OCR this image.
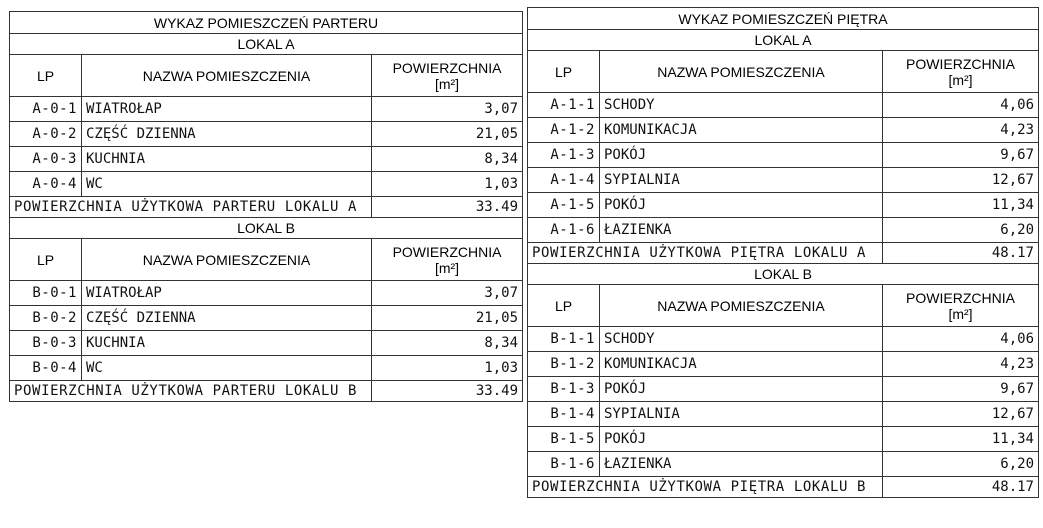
WYKAZ POMIESZCZEŃ PARTERU		
LOKAL A		
LP	NAZWA POMIESZCZENIA	POWIERZCHNIA
[m²]
A-0-1	WIATROŁAP	3,07
A-0-2	CZĘŚĆ DZIENNA	21,05
A-0-3	KUCHNIA	8,34
A-0-4	WC	1,03
POWIERZCHNIA UŻYTKOWA PARTERU LOKALU A		33.49
LOKAL B		
LP	NAZWA POMIESZCZENIA	POWIERZCHNIA
[m²]
B-0-1	WIATROŁAP	3,07
B-0-2	CZĘŚĆ DZIENNA	21,05
B-0-3	KUCHNIA	8,34
B-0-4	WC	1,03
POWIERZCHNIA UŻYTKOWA PARTERU LOKALU B		33.49
WYKAZ POMIESZCZEŃ PIĘTRA		
LOKAL A		
LP	NAZWA POMIESZCZENIA	POWIERZCHNIA
[m²]
A-1-1	SCHODY	4,06
A-1-2	KOMUNIKACJA	4,23
A-1-3	POKÓJ	9,67
A-1-4	SYPIALNIA	12,67
A-1-5	POKÓJ	11,34
A-1-6	ŁAZIENKA	6,20
POWIERZCHNIA UŻYTKOWA PIĘTRA LOKALU A		48.17
LOKAL B		
LP	NAZWA POMIESZCZENIA	POWIERZCHNIA
[m²]
B-1-1	SCHODY	4,06
B-1-2	KOMUNIKACJA	4,23
B-1-3	POKÓJ	9,67
B-1-4	SYPIALNIA	12,67
B-1-5	POKÓJ	11,34
B-1-6	ŁAZIENKA	6,20
POWIERZCHNIA UŻYTKOWA PIĘTRA LOKALU B		48.17
